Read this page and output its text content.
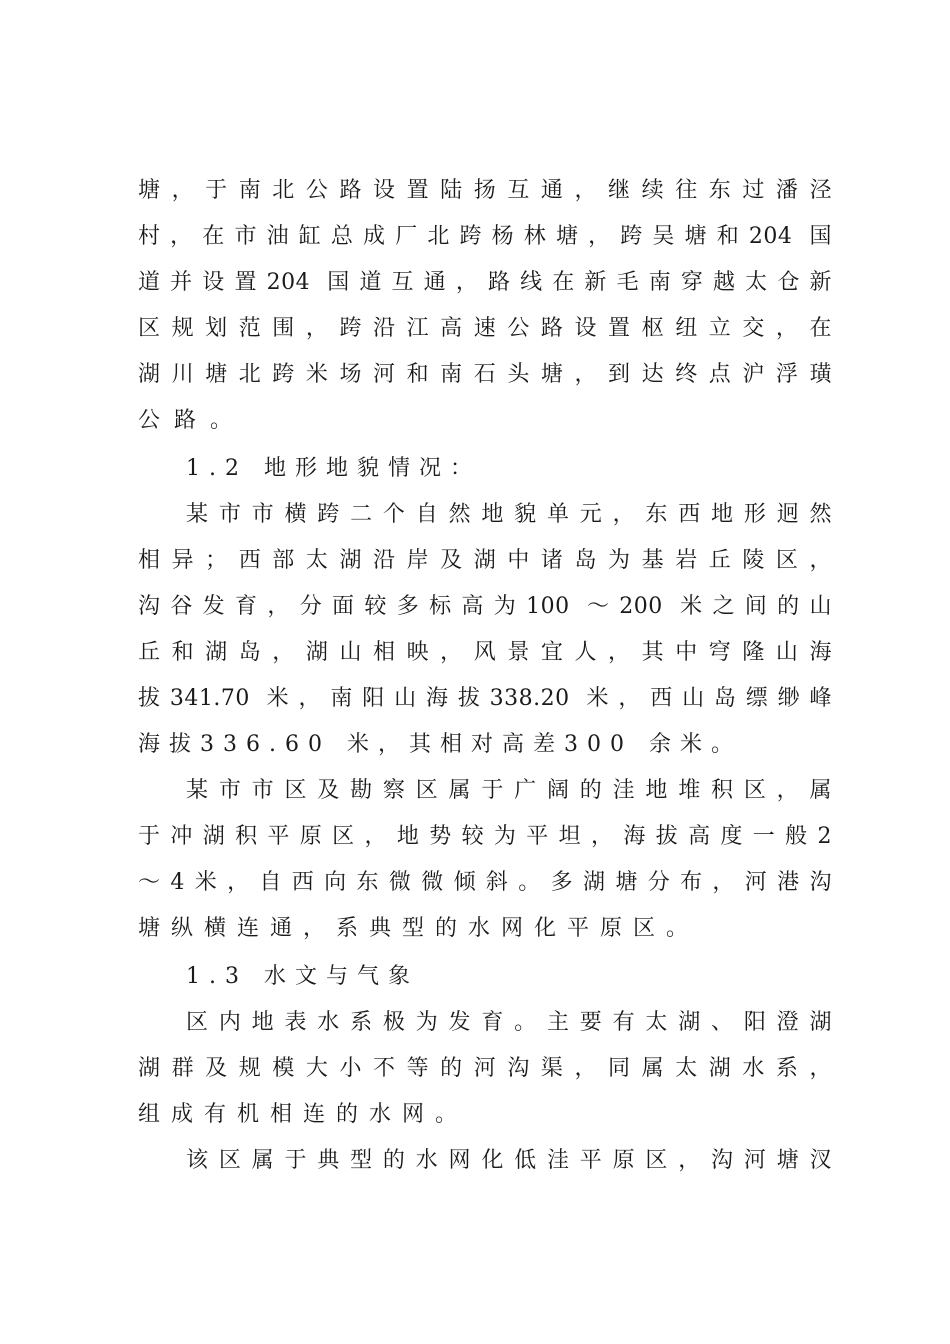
塘，于南北公路设置陆扬互通，继续往东过潘泾
村，在市油缸总成厂北跨杨林塘，跨吴塘和204 国
道并设置204 国道互通，路线在新毛南穿越太仓新
区规划范围，跨沿江高速公路设置枢纽立交，在
湖川塘北跨米场河和南石头塘，到达终点沪浮璜
公路。
1.2 地形地貌情况：
某市市横跨二个自然地貌单元，东西地形迥然
相异；西部太湖沿岸及湖中诸岛为基岩丘陵区，
沟谷发育，分面较多标高为100 ～200 米之间的山
丘和湖岛，湖山相映，风景宜人，其中穹隆山海
拔341.70 米，南阳山海拔338.20 米，西山岛缥缈峰
海拔336.60 米，其相对高差300 余米。
某市市区及勘察区属于广阔的洼地堆积区，属
于冲湖积平原区，地势较为平坦，海拔高度一般2
～4米，自西向东微微倾斜。多湖塘分布，河港沟
塘纵横连通，系典型的水网化平原区。
1.3 水文与气象
区内地表水系极为发育。主要有太湖、阳澄湖
湖群及规模大小不等的河沟渠，同属太湖水系，
组成有机相连的水网。
该区属于典型的水网化低洼平原区，沟河塘汊
